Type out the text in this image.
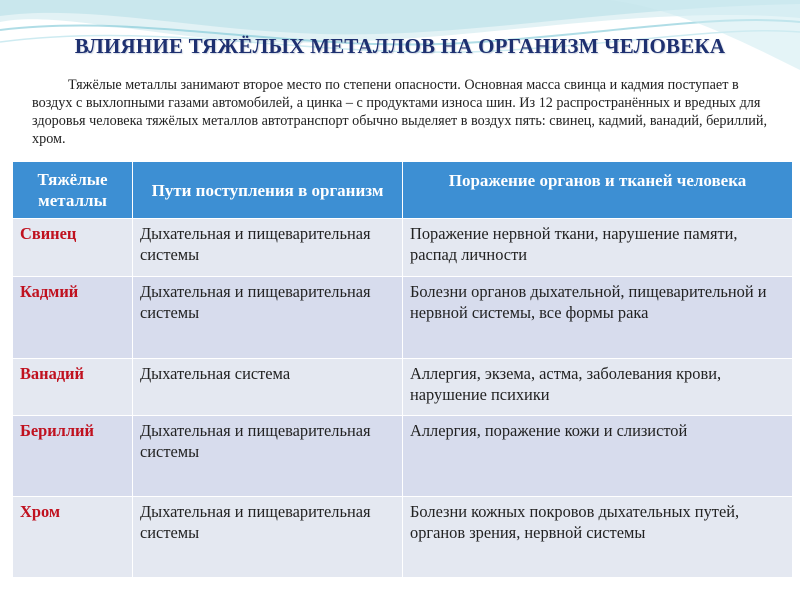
ВЛИЯНИЕ ТЯЖЁЛЫХ МЕТАЛЛОВ НА ОРГАНИЗМ ЧЕЛОВЕКА
Тяжёлые металлы занимают второе место по степени опасности. Основная масса свинца и кадмия поступает в воздух с выхлопными газами автомобилей, а цинка – с продуктами износа шин. Из 12 распространённых и вредных для здоровья человека тяжёлых металлов автотранспорт обычно выделяет в воздух пять: свинец, кадмий, ванадий, бериллий, хром.
Тяжёлые металлы	Пути поступления в организм	Поражение органов и тканей человека
Свинец	Дыхательная и пищеварительная системы	Поражение нервной ткани, нарушение памяти, распад личности
Кадмий	Дыхательная и пищеварительная системы	Болезни органов дыхательной, пищеварительной и нервной системы, все формы рака
Ванадий	Дыхательная система	Аллергия, экзема, астма, заболевания крови, нарушение психики
Бериллий	Дыхательная и пищеварительная системы	Аллергия, поражение кожи и слизистой
Хром	Дыхательная и пищеварительная системы	Болезни кожных покровов дыхательных путей, органов зрения, нервной системы
